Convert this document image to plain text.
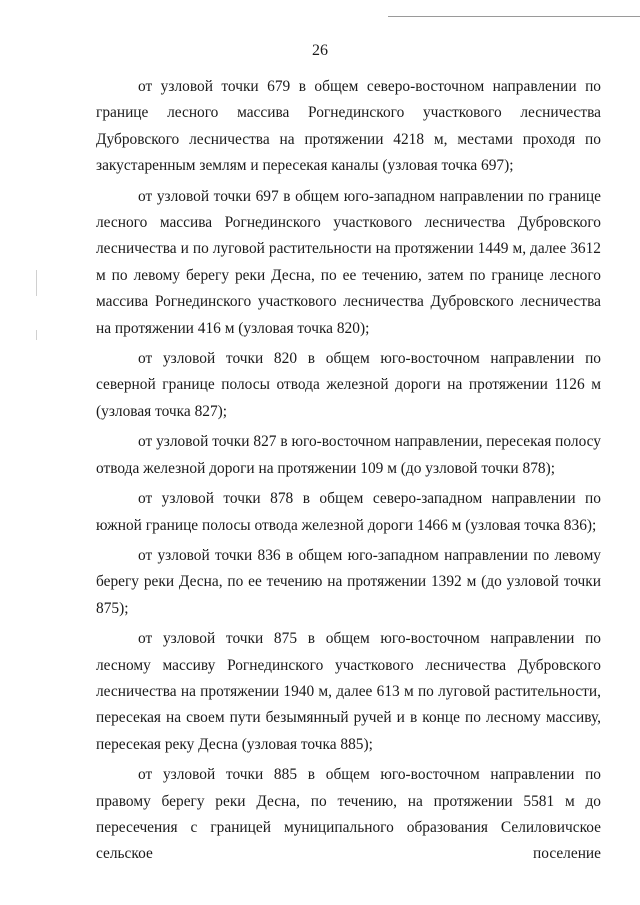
26

от узловой точки 679 в общем северо-восточном направлении по границе лесного массива Рогнединского участкового лесничества Дубровского лесничества на протяжении 4218 м, местами проходя по закустаренным землям и пересекая каналы (узловая точка 697);

от узловой точки 697 в общем юго-западном направлении по границе лесного массива Рогнединского участкового лесничества Дубровского лесничества и по луговой растительности на протяжении 1449 м, далее 3612 м по левому берегу реки Десна, по ее течению, затем по границе лесного массива Рогнединского участкового лесничества Дубровского лесничества на протяжении 416 м (узловая точка 820);

от узловой точки 820 в общем юго-восточном направлении по северной границе полосы отвода железной дороги на протяжении 1126 м (узловая точка 827);

от узловой точки 827 в юго-восточном направлении, пересекая полосу отвода железной дороги на протяжении 109 м (до узловой точки 878);

от узловой точки 878 в общем северо-западном направлении по южной границе полосы отвода железной дороги 1466 м (узловая точка 836);

от узловой точки 836 в общем юго-западном направлении по левому берегу реки Десна, по ее течению на протяжении 1392 м (до узловой точки 875);

от узловой точки 875 в общем юго-восточном направлении по лесному массиву Рогнединского участкового лесничества Дубровского лесничества на протяжении 1940 м, далее 613 м по луговой растительности, пересекая на своем пути безымянный ручей и в конце по лесному массиву, пересекая реку Десна (узловая точка 885);

от узловой точки 885 в общем юго-восточном направлении по правому берегу реки Десна, по течению, на протяжении 5581 м до пересечения с границей муниципального образования Селиловичское сельское поселение
